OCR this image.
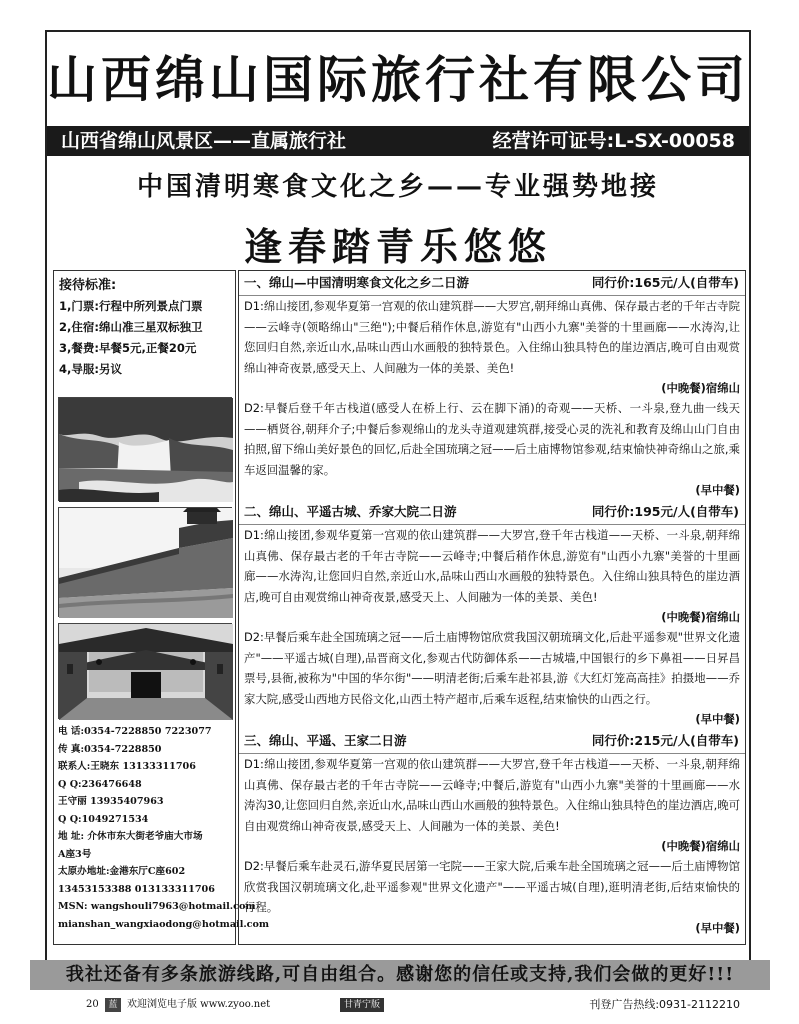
山西绵山国际旅行社有限公司
山西省绵山风景区——直属旅行社	经营许可证号:L-SX-00058
中国清明寒食文化之乡——专业强势地接
逢春踏青乐悠悠
接待标准:
1,门票:行程中所列景点门票
2,住宿:绵山准三星双标独卫
3,餐费:早餐5元,正餐20元
4,导服:另议
电 话:0354-7228850 7223077
传 真:0354-7228850
联系人:王晓东 13133311706
Q Q:236476648
王守丽 13935407963
Q Q:1049271534
地 址: 介休市东大街老爷庙大市场
A座3号
太原办地址:金港东厅C座602
13453153388 013133311706
MSN: wangshouli7963@hotmail.com
mianshan_wangxiaodong@hotmail.com
一、绵山—中国清明寒食文化之乡二日游	同行价:165元/人(自带车)
D1:绵山接团,参观华夏第一宫观的依山建筑群——大罗宫,朝拜绵山真佛、保存最古老的千年古寺院——云峰寺(领略绵山"三绝");中餐后稍作休息,游览有"山西小九寨"美誉的十里画廊——水涛沟,让您回归自然,亲近山水,品味山西山水画般的独特景色。入住绵山独具特色的崖边酒店,晚可自由观赏绵山神奇夜景,感受天上、人间融为一体的美景、美色!
(中晚餐)宿绵山
D2:早餐后登千年古栈道(感受人在桥上行、云在脚下涌)的奇观——天桥、一斗泉,登九曲一线天——栖贤谷,朝拜介子;中餐后参观绵山的龙头寺道观建筑群,接受心灵的洗礼和教育及绵山山门自由拍照,留下绵山美好景色的回忆,后赴全国琉璃之冠——后土庙博物馆参观,结束愉快神奇绵山之旅,乘车返回温馨的家。
(早中餐)
二、绵山、平遥古城、乔家大院二日游	同行价:195元/人(自带车)
D1:绵山接团,参观华夏第一宫观的依山建筑群——大罗宫,登千年古栈道——天桥、一斗泉,朝拜绵山真佛、保存最古老的千年古寺院——云峰寺;中餐后稍作休息,游览有"山西小九寨"美誉的十里画廊——水涛沟,让您回归自然,亲近山水,品味山西山水画般的独特景色。入住绵山独具特色的崖边酒店,晚可自由观赏绵山神奇夜景,感受天上、人间融为一体的美景、美色!
(中晚餐)宿绵山
D2:早餐后乘车赴全国琉璃之冠——后土庙博物馆欣赏我国汉朝琉璃文化,后赴平遥参观"世界文化遗产"——平遥古城(自理),品晋商文化,参观古代防御体系——古城墙,中国银行的乡下鼻祖——日昇昌票号,县衙,被称为"中国的华尔街"——明清老街;后乘车赴祁县,游《大红灯笼高高挂》拍摄地——乔家大院,感受山西地方民俗文化,山西土特产超市,后乘车返程,结束愉快的山西之行。
(早中餐)
三、绵山、平遥、王家二日游	同行价:215元/人(自带车)
D1:绵山接团,参观华夏第一宫观的依山建筑群——大罗宫,登千年古栈道——天桥、一斗泉,朝拜绵山真佛、保存最古老的千年古寺院——云峰寺;中餐后,游览有"山西小九寨"美誉的十里画廊——水涛沟30,让您回归自然,亲近山水,品味山西山水画般的独特景色。入住绵山独具特色的崖边酒店,晚可自由观赏绵山神奇夜景,感受天上、人间融为一体的美景、美色!
(中晚餐)宿绵山
D2:早餐后乘车赴灵石,游华夏民居第一宅院——王家大院,后乘车赴全国琉璃之冠——后土庙博物馆欣赏我国汉朝琉璃文化,赴平遥参观"世界文化遗产"——平遥古城(自理),逛明清老街,后结束愉快的行程。
(早中餐)
我社还备有多条旅游线路,可自由组合。感谢您的信任或支持,我们会做的更好!!!
20	蓝 欢迎浏览电子版 www.zyoo.net	甘青宁版	刊登广告热线:0931-2112210
